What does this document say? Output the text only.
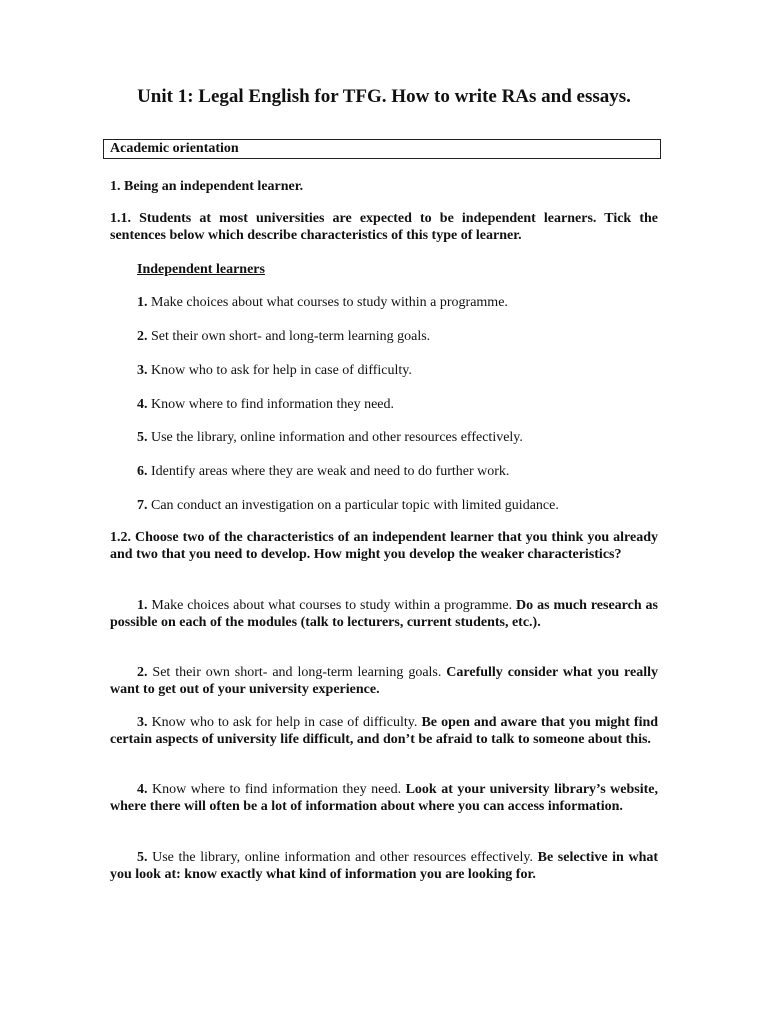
Unit 1: Legal English for TFG. How to write RAs and essays.
Academic orientation

1. Being an independent learner.

1.1. Students at most universities are expected to be independent learners. Tick the sentences below which describe characteristics of this type of learner.

Independent learners

1. Make choices about what courses to study within a programme.

2. Set their own short- and long-term learning goals.

3. Know who to ask for help in case of difficulty.

4. Know where to find information they need.

5. Use the library, online information and other resources effectively.

6. Identify areas where they are weak and need to do further work.

7. Can conduct an investigation on a particular topic with limited guidance.

1.2. Choose two of the characteristics of an independent learner that you think you already and two that you need to develop. How might you develop the weaker characteristics?

1. Make choices about what courses to study within a programme. Do as much research as possible on each of the modules (talk to lecturers, current students, etc.).

2. Set their own short- and long-term learning goals. Carefully consider what you really want to get out of your university experience.

3. Know who to ask for help in case of difficulty. Be open and aware that you might find certain aspects of university life difficult, and don’t be afraid to talk to someone about this.

4. Know where to find information they need. Look at your university library’s website, where there will often be a lot of information about where you can access information.

5. Use the library, online information and other resources effectively. Be selective in what you look at: know exactly what kind of information you are looking for.
